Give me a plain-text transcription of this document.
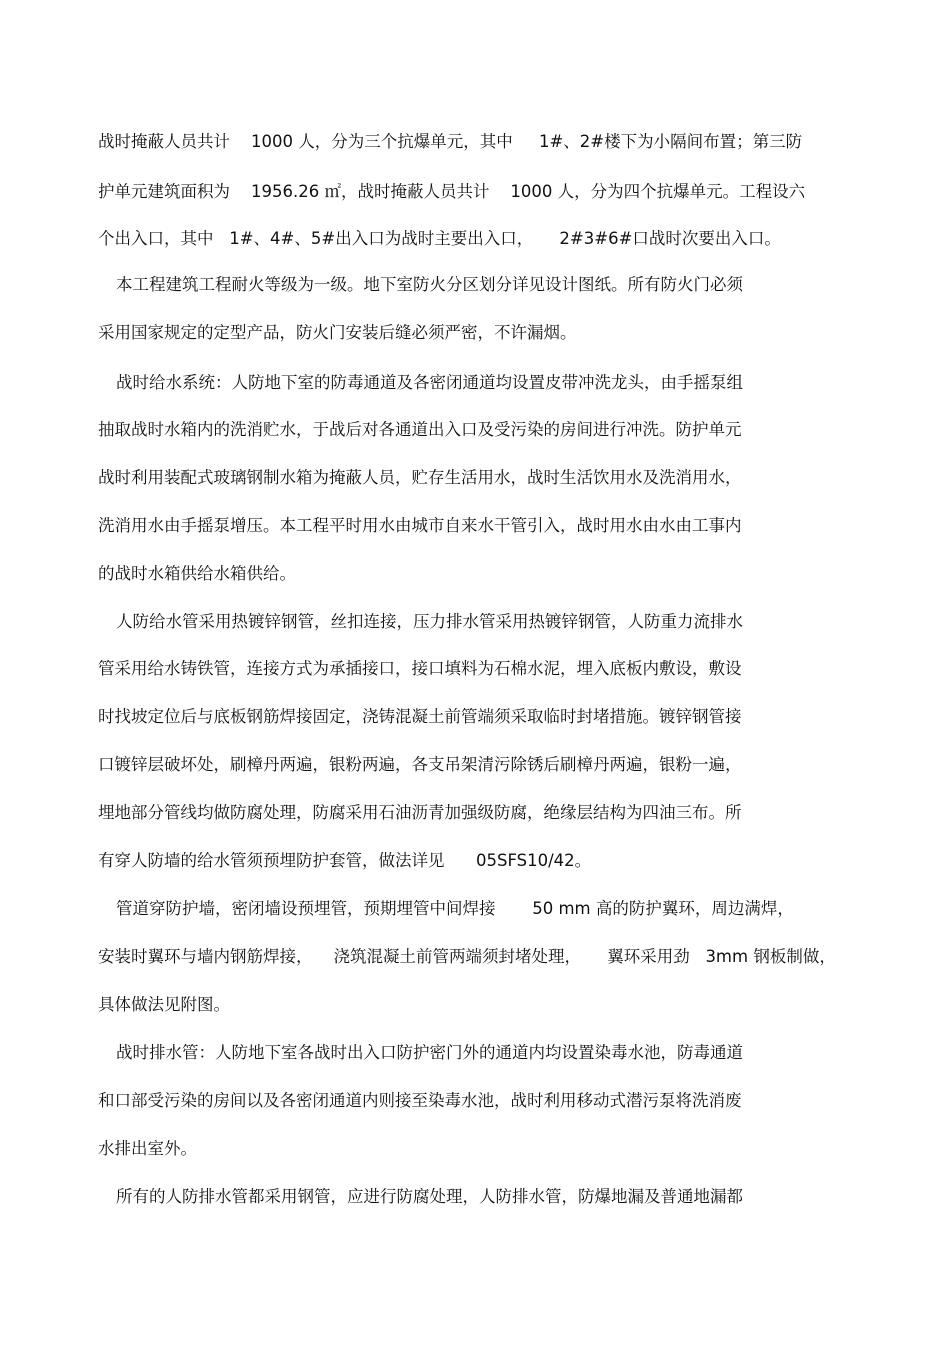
战时掩蔽人员共计    1000 人，分为三个抗爆单元，其中     1#、2#楼下为小隔间布置；第三防
护单元建筑面积为    1956.26 ㎡，战时掩蔽人员共计    1000 人，分为四个抗爆单元。工程设六
个出入口，其中   1#、4#、5#出入口为战时主要出入口，     2#3#6#口战时次要出入口。
本工程建筑工程耐火等级为一级。地下室防火分区划分详见设计图纸。所有防火门必须
采用国家规定的定型产品，防火门安装后缝必须严密，不许漏烟。
战时给水系统：人防地下室的防毒通道及各密闭通道均设置皮带冲洗龙头，由手摇泵组
抽取战时水箱内的洗消贮水，于战后对各通道出入口及受污染的房间进行冲洗。防护单元
战时利用装配式玻璃钢制水箱为掩蔽人员，贮存生活用水，战时生活饮用水及洗消用水，
洗消用水由手摇泵增压。本工程平时用水由城市自来水干管引入，战时用水由水由工事内
的战时水箱供给水箱供给。
人防给水管采用热镀锌钢管，丝扣连接，压力排水管采用热镀锌钢管，人防重力流排水
管采用给水铸铁管，连接方式为承插接口，接口填料为石棉水泥，埋入底板内敷设，敷设
时找坡定位后与底板钢筋焊接固定，浇铸混凝土前管端须采取临时封堵措施。镀锌钢管接
口镀锌层破坏处，刷樟丹两遍，银粉两遍，各支吊架清污除锈后刷樟丹两遍，银粉一遍，
埋地部分管线均做防腐处理，防腐采用石油沥青加强级防腐，绝缘层结构为四油三布。所
有穿人防墙的给水管须预埋防护套管，做法详见      05SFS10/42。
管道穿防护墙，密闭墙设预埋管，预期埋管中间焊接       50 mm 高的防护翼环，周边满焊，
安装时翼环与墙内钢筋焊接，    浇筑混凝土前管两端须封堵处理，     翼环采用劲   3mm 钢板制做，
具体做法见附图。
战时排水管：人防地下室各战时出入口防护密门外的通道内均设置染毒水池，防毒通道
和口部受污染的房间以及各密闭通道内则接至染毒水池，战时利用移动式潜污泵将洗消废
水排出室外。
所有的人防排水管都采用钢管，应进行防腐处理，人防排水管，防爆地漏及普通地漏都
